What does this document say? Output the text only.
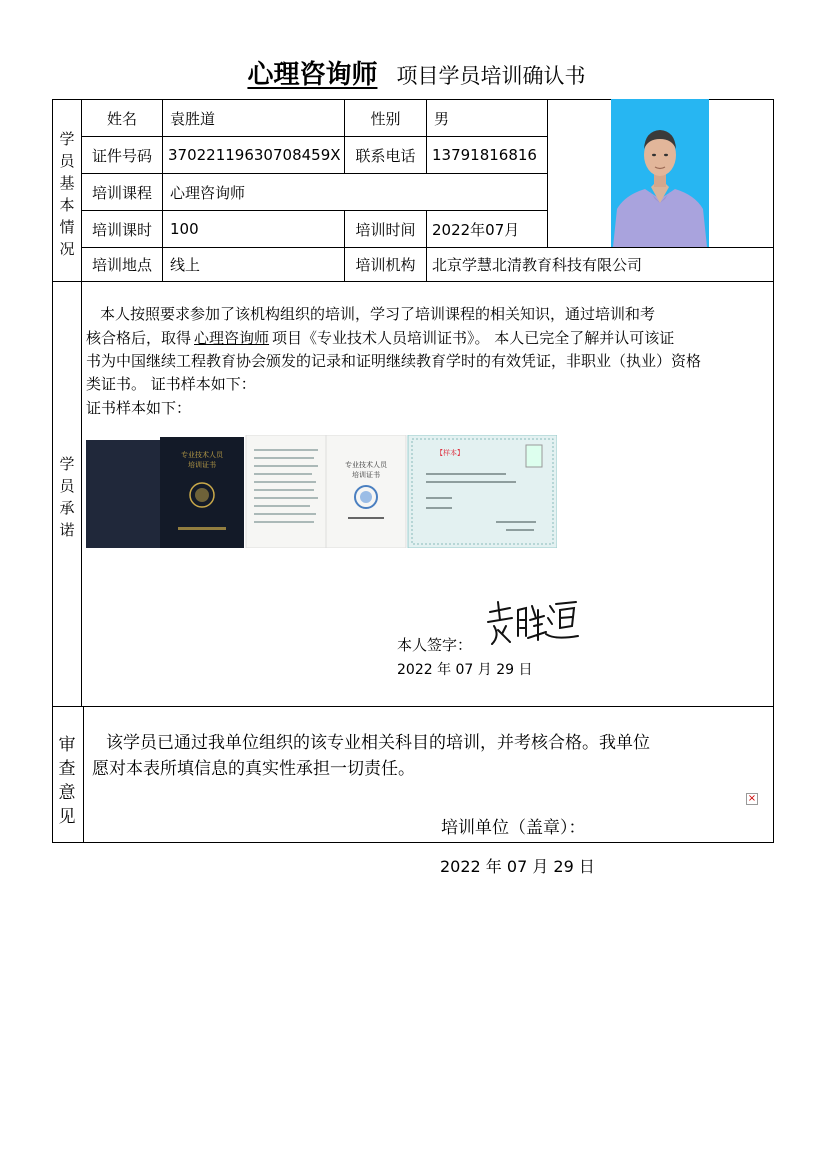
心理咨询师 项目学员培训确认书
学
员
基
本
情
况
学
员
承
诺
审
查
意
见
姓名	袁胜道	性别	男
证件号码	37022119630708459X 联系电话	13791816816
培训课程	心理咨询师
培训课时	100	培训时间	2022年07月
培训地点	线上	培训机构	北京学慧北清教育科技有限公司
本人按照要求参加了该机构组织的培训，学习了培训课程的相关知识，通过培训和考
核合格后，取得 心理咨询师 项目《专业技术人员培训证书》。 本人已完全了解并认可该证
书为中国继续工程教育协会颁发的记录和证明继续教育学时的有效凭证，非职业（执业）资格
类证书。 证书样本如下：
证书样本如下：
专业技术人员
培训证书	专业技术人员
培训证书
【样本】
本人签字：
2022 年 07 月 29 日
该学员已通过我单位组织的该专业相关科目的培训，并考核合格。我单位
愿对本表所填信息的真实性承担一切责任。
×
培训单位（盖章）：
2022 年 07 月 29 日
